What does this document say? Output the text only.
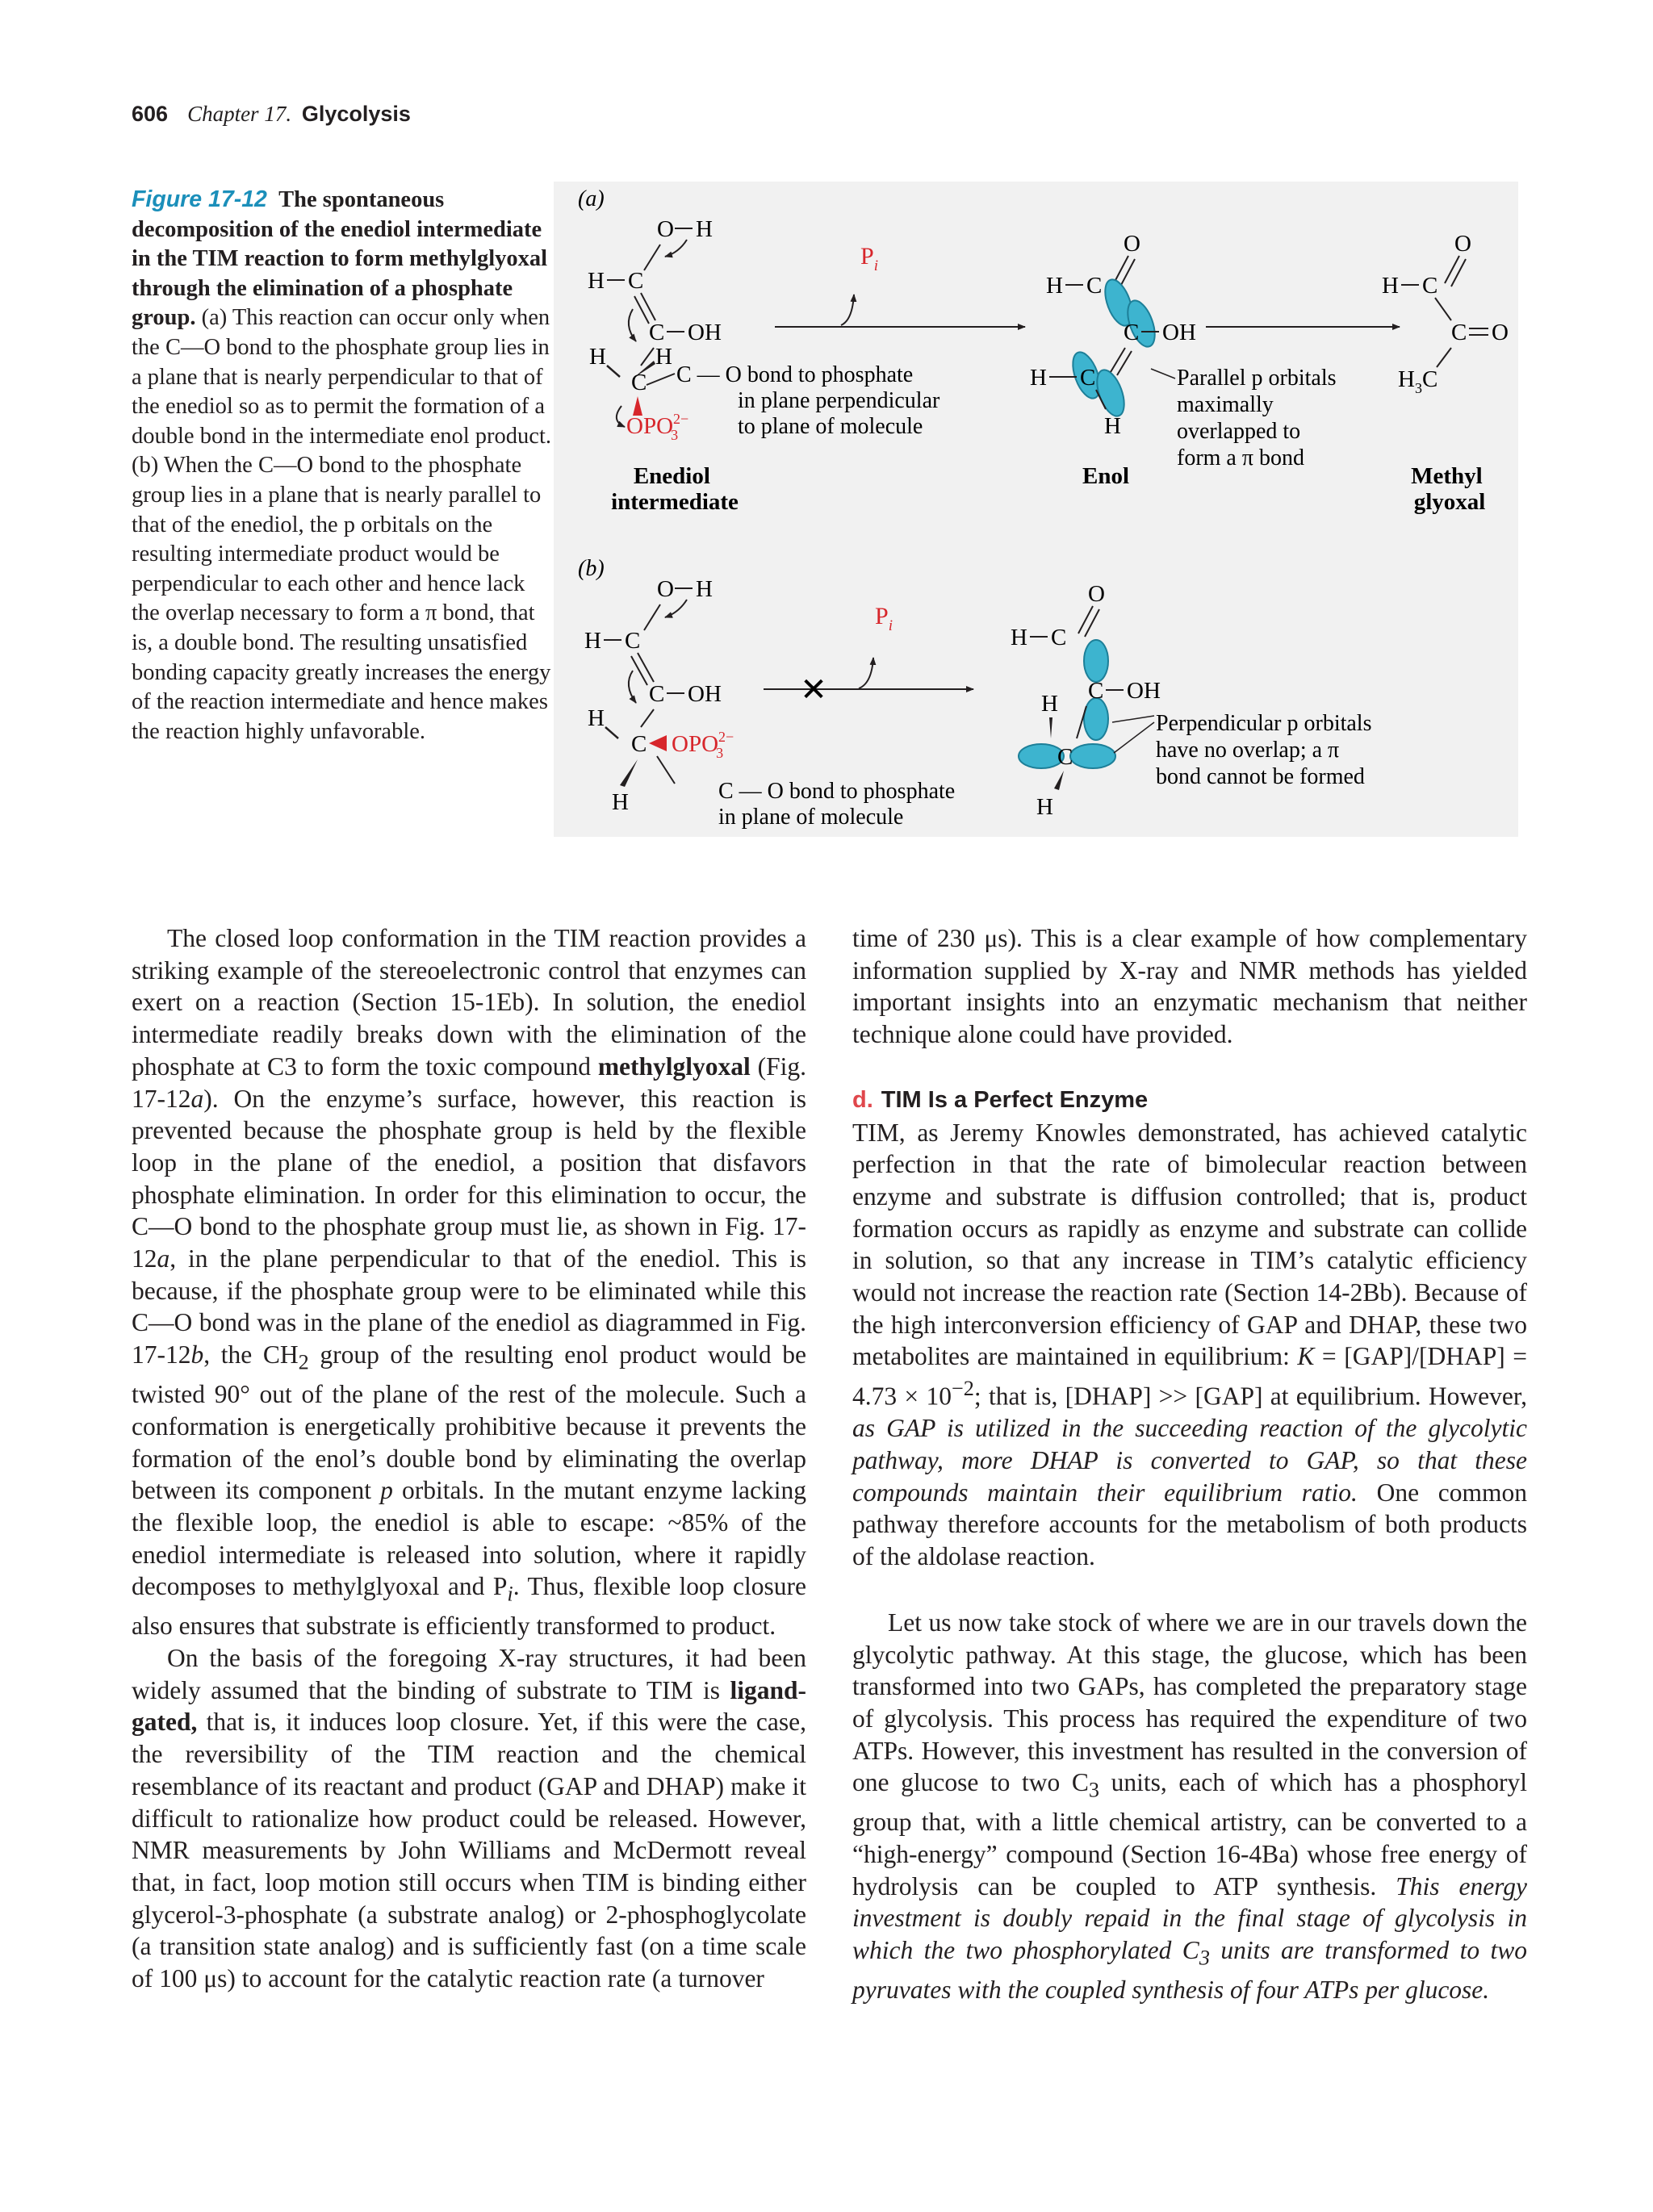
606 Chapter 17. Glycolysis
Figure 17-12 The spontaneous decomposition of the enediol intermediate in the TIM reaction to form methylglyoxal through the elimination of a phosphate group. (a) This reaction can occur only when the C—O bond to the phosphate group lies in a plane that is nearly perpendicular to that of the enediol so as to permit the formation of a double bond in the intermediate enol product. (b) When the C—O bond to the phosphate group lies in a plane that is nearly parallel to that of the enediol, the p orbitals on the resulting intermediate product would be perpendicular to each other and hence lack the overlap necessary to form a π bond, that is, a double bond. The resulting unsatisfied bonding capacity greatly increases the energy of the reaction intermediate and hence makes the reaction highly unfavorable.
(a)
O H
H C
C OH
H H
C
$OPO^{2-}$ 3
C — O bond to phosphate in plane perpendicular to plane of molecule
Enediol intermediate
$P_i$
O
H C
C OH
H C
H
Parallel p orbitals maximally overlapped to form a π bond
Enol
O
H C
C O
$H_3C$
Methyl glyoxal
(b)
O H
H C
C OH
H
C $OPO^{2-}$ 3
H	C — O bond to phosphate in plane of molecule
$P_i$
✕
O
H C
C OH
H
C
H
Perpendicular p orbitals have no overlap; a π bond cannot be formed

The closed loop conformation in the TIM reaction provides a striking example of the stereoelectronic control that enzymes can exert on a reaction (Section 15-1Eb). In solution, the enediol intermediate readily breaks down with the elimination of the phosphate at C3 to form the toxic compound methylglyoxal (Fig. 17-12a). On the enzyme’s surface, however, this reaction is prevented because the phosphate group is held by the flexible loop in the plane of the enediol, a position that disfavors phosphate elimination. In order for this elimination to occur, the C—O bond to the phosphate group must lie, as shown in Fig. 17-12a, in the plane perpendicular to that of the enediol. This is because, if the phosphate group were to be eliminated while this C—O bond was in the plane of the enediol as diagrammed in Fig. 17-12b, the $CH_2$ group of the resulting enol product would be twisted 90° out of the plane of the rest of the molecule. Such a conformation is energetically prohibitive because it prevents the formation of the enol’s double bond by eliminating the overlap between its component p orbitals. In the mutant enzyme lacking the flexible loop, the enediol is able to escape: ~85% of the enediol intermediate is released into solution, where it rapidly decomposes to methylglyoxal and $P_i$. Thus, flexible loop closure also ensures that substrate is efficiently transformed to product.

On the basis of the foregoing X-ray structures, it had been widely assumed that the binding of substrate to TIM is ligand-gated, that is, it induces loop closure. Yet, if this were the case, the reversibility of the TIM reaction and the chemical resemblance of its reactant and product (GAP and DHAP) make it difficult to rationalize how product could be released. However, NMR measurements by John Williams and McDermott reveal that, in fact, loop motion still occurs when TIM is binding either glycerol-3-phosphate (a substrate analog) or 2-phosphoglycolate (a transition state analog) and is sufficiently fast (on a time scale of 100 μs) to account for the catalytic reaction rate (a turnover

time of 230 μs). This is a clear example of how complementary information supplied by X-ray and NMR methods has yielded important insights into an enzymatic mechanism that neither technique alone could have provided.

d. TIM Is a Perfect Enzyme

TIM, as Jeremy Knowles demonstrated, has achieved catalytic perfection in that the rate of bimolecular reaction between enzyme and substrate is diffusion controlled; that is, product formation occurs as rapidly as enzyme and substrate can collide in solution, so that any increase in TIM’s catalytic efficiency would not increase the reaction rate (Section 14-2Bb). Because of the high interconversion efficiency of GAP and DHAP, these two metabolites are maintained in equilibrium: K = [GAP]/[DHAP] = $4.73 \times 10^{-2}$; that is, [DHAP] >> [GAP] at equilibrium. However, as GAP is utilized in the succeeding reaction of the glycolytic pathway, more DHAP is converted to GAP, so that these compounds maintain their equilibrium ratio. One common pathway therefore accounts for the metabolism of both products of the aldolase reaction.

Let us now take stock of where we are in our travels down the glycolytic pathway. At this stage, the glucose, which has been transformed into two GAPs, has completed the preparatory stage of glycolysis. This process has required the expenditure of two ATPs. However, this investment has resulted in the conversion of one glucose to two $C_3$ units, each of which has a phosphoryl group that, with a little chemical artistry, can be converted to a “high-energy” compound (Section 16-4Ba) whose free energy of hydrolysis can be coupled to ATP synthesis. This energy investment is doubly repaid in the final stage of glycolysis in which the two phosphorylated $C_3$ units are transformed to two pyruvates with the coupled synthesis of four ATPs per glucose.
